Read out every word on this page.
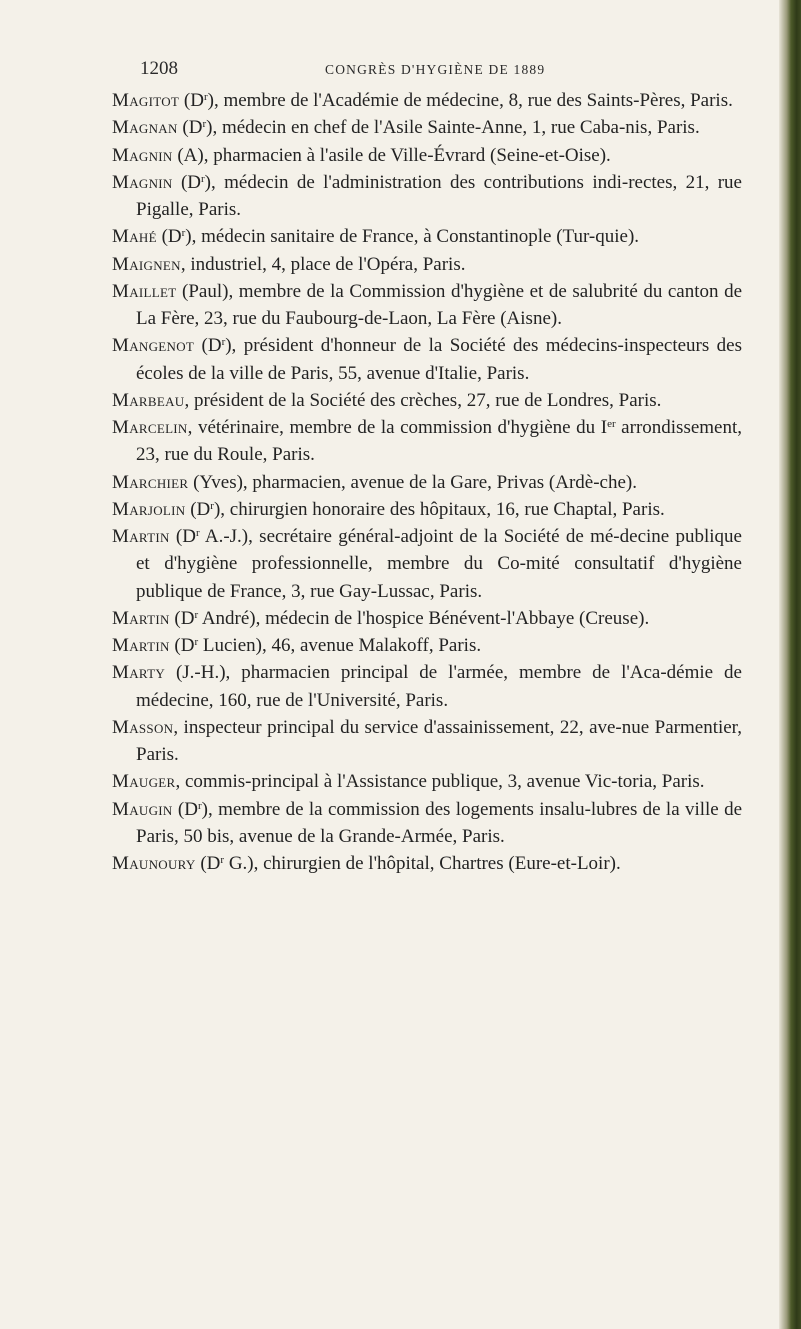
1208	CONGRÈS D'HYGIÈNE DE 1889

Magitot $(D^r)$, membre de l'Académie de médecine, 8, rue des Saints-Pères, Paris.

Magnan $(D^r)$, médecin en chef de l'Asile Sainte-Anne, 1, rue Caba-nis, Paris.

Magnin (A), pharmacien à l'asile de Ville-Évrard (Seine-et-Oise).

Magnin $(D^r)$, médecin de l'administration des contributions indi-rectes, 21, rue Pigalle, Paris.

Mahé $(D^r)$, médecin sanitaire de France, à Constantinople (Tur-quie).

Maignen, industriel, 4, place de l'Opéra, Paris.

Maillet (Paul), membre de la Commission d'hygiène et de salubrité du canton de La Fère, 23, rue du Faubourg-de-Laon, La Fère (Aisne).

Mangenot $(D^r)$, président d'honneur de la Société des médecins-inspecteurs des écoles de la ville de Paris, 55, avenue d'Italie, Paris.

Marbeau, président de la Société des crèches, 27, rue de Londres, Paris.

Marcelin, vétérinaire, membre de la commission d'hygiène du Ier arrondissement, 23, rue du Roule, Paris.

Marchier (Yves), pharmacien, avenue de la Gare, Privas (Ardè-che).

Marjolin $(D^r)$, chirurgien honoraire des hôpitaux, 16, rue Chaptal, Paris.

Martin ($D^r$ A.-J.), secrétaire général-adjoint de la Société de mé-decine publique et d'hygiène professionnelle, membre du Co-mité consultatif d'hygiène publique de France, 3, rue Gay-Lussac, Paris.

Martin ($D^r$ André), médecin de l'hospice Bénévent-l'Abbaye (Creuse).

Martin ($D^r$ Lucien), 46, avenue Malakoff, Paris.

Marty (J.-H.), pharmacien principal de l'armée, membre de l'Aca-démie de médecine, 160, rue de l'Université, Paris.

Masson, inspecteur principal du service d'assainissement, 22, ave-nue Parmentier, Paris.

Mauger, commis-principal à l'Assistance publique, 3, avenue Vic-toria, Paris.

Maugin $(D^r)$, membre de la commission des logements insalu-lubres de la ville de Paris, 50 bis, avenue de la Grande-Armée, Paris.

Maunoury ($D^r$ G.), chirurgien de l'hôpital, Chartres (Eure-et-Loir).
